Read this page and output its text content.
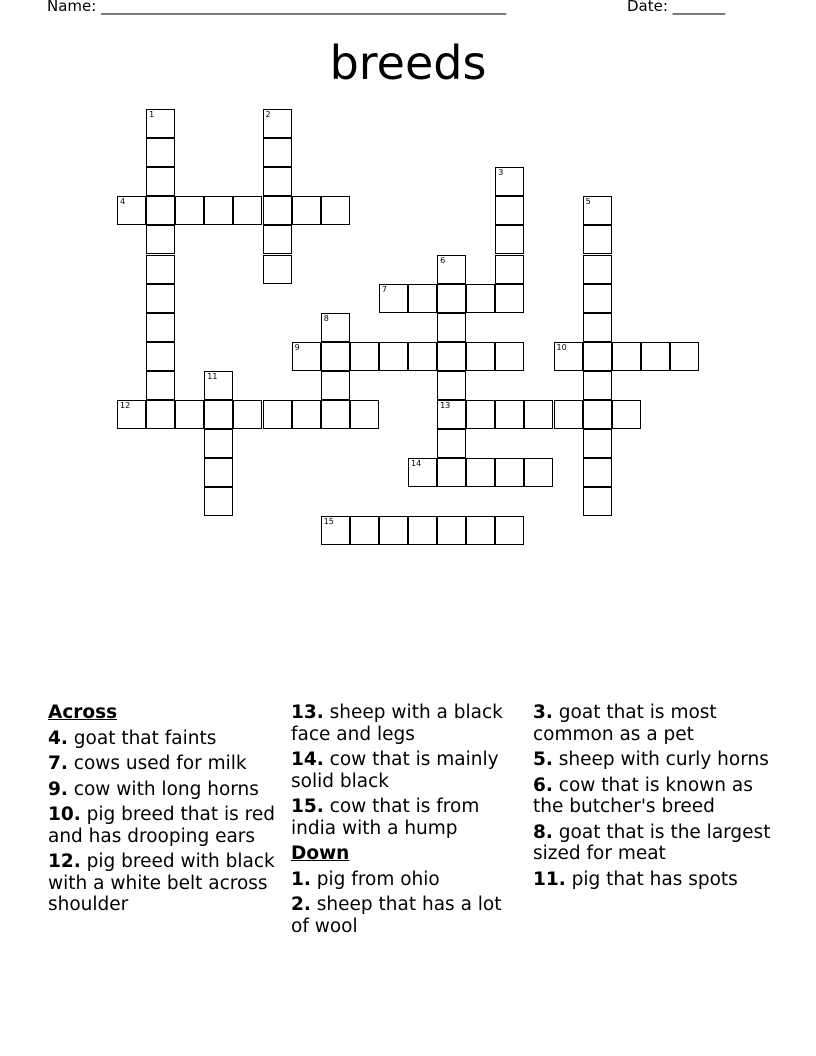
Name: ______________________________________________________	Date: _______
breeds
1	2
3
4	5
6
13
7
8
9	10
11
12
14
15
Across
4. goat that faints
7. cows used for milk
9. cow with long horns
10. pig breed that is red and has drooping ears
12. pig breed with black with a white belt across shoulder
13. sheep with a black face and legs
14. cow that is mainly solid black
15. cow that is from india with a hump
Down
1. pig from ohio
2. sheep that has a lot of wool
3. goat that is most common as a pet
5. sheep with curly horns
6. cow that is known as the butcher's breed
8. goat that is the largest sized for meat
11. pig that has spots
